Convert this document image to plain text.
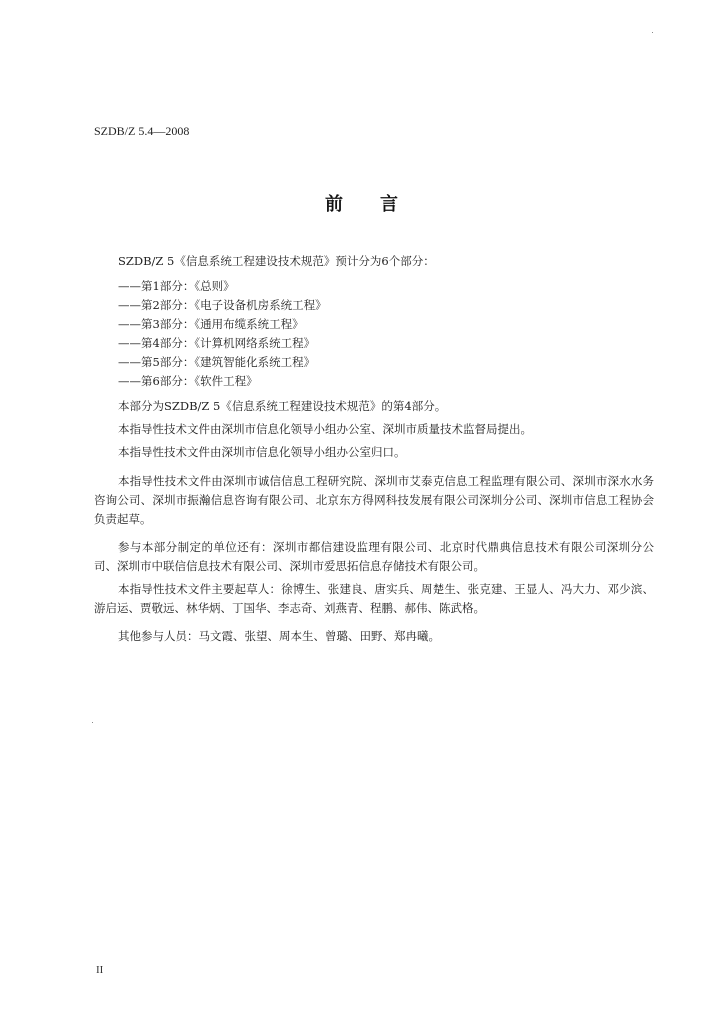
SZDB/Z 5.4—2008
前 言

SZDB/Z 5《信息系统工程建设技术规范》预计分为6个部分：

——第1部分：《总则》
——第2部分：《电子设备机房系统工程》
——第3部分：《通用布缆系统工程》
——第4部分：《计算机网络系统工程》
——第5部分：《建筑智能化系统工程》
——第6部分：《软件工程》

本部分为SZDB/Z 5《信息系统工程建设技术规范》的第4部分。

本指导性技术文件由深圳市信息化领导小组办公室、深圳市质量技术监督局提出。

本指导性技术文件由深圳市信息化领导小组办公室归口。

本指导性技术文件由深圳市诚信信息工程研究院、深圳市艾泰克信息工程监理有限公司、深圳市深水水务咨询公司、深圳市振瀚信息咨询有限公司、北京东方得网科技发展有限公司深圳分公司、深圳市信息工程协会负责起草。

参与本部分制定的单位还有：深圳市都信建设监理有限公司、北京时代鼎典信息技术有限公司深圳分公司、深圳市中联信信息技术有限公司、深圳市爱思拓信息存储技术有限公司。

本指导性技术文件主要起草人：徐博生、张建良、唐实兵、周楚生、张克建、王显人、冯大力、邓少滨、游启运、贾敬远、林华炳、丁国华、李志奇、刘燕青、程鹏、郝伟、陈武格。

其他参与人员：马文霞、张望、周本生、曾璐、田野、郑冉曦。

II
